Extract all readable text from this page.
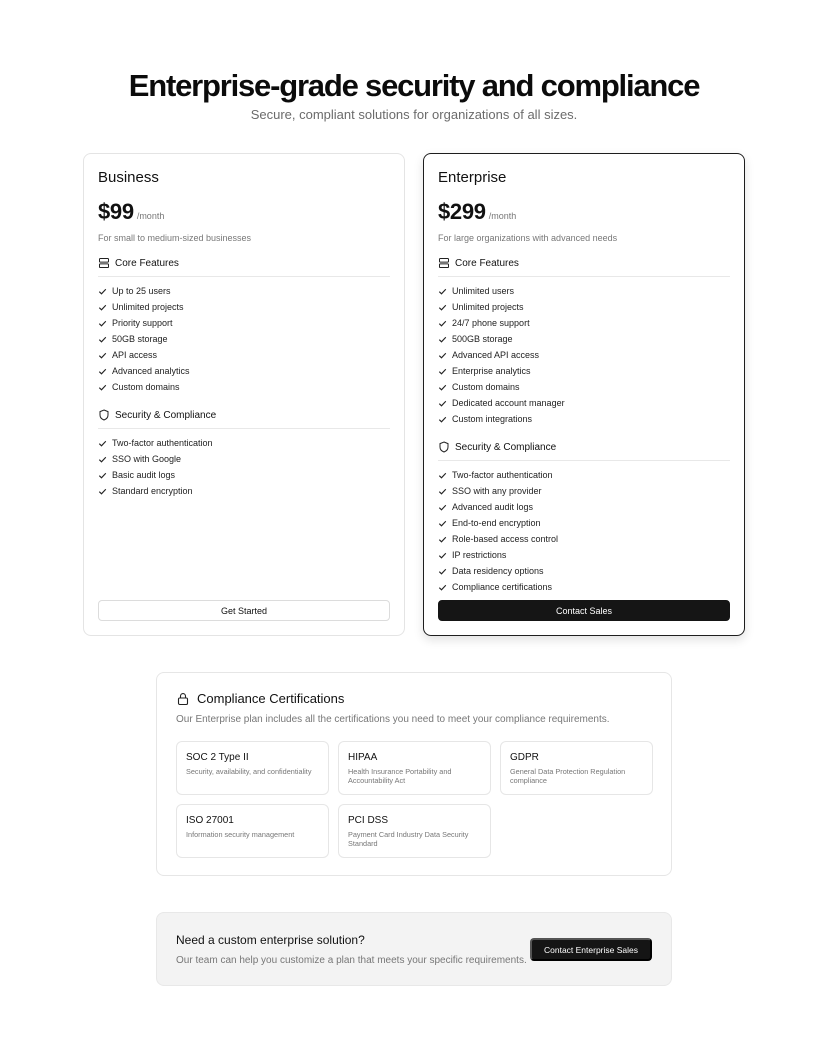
Enterprise-grade security and compliance

Secure, compliant solutions for organizations of all sizes.

Business
$99 /month
For small to medium-sized businesses
Core Features
Up to 25 users
Unlimited projects
Priority support
50GB storage
API access
Advanced analytics
Custom domains
Security & Compliance
Two-factor authentication
SSO with Google
Basic audit logs
Standard encryption
Get Started
Enterprise
$299 /month
For large organizations with advanced needs
Core Features
Unlimited users
Unlimited projects
24/7 phone support
500GB storage
Advanced API access
Enterprise analytics
Custom domains
Dedicated account manager
Custom integrations
Security & Compliance
Two-factor authentication
SSO with any provider
Advanced audit logs
End-to-end encryption
Role-based access control
IP restrictions
Data residency options
Compliance certifications
Contact Sales
Compliance Certifications
Our Enterprise plan includes all the certifications you need to meet your compliance requirements.
SOC 2 Type II
Security, availability, and confidentiality
HIPAA
Health Insurance Portability and Accountability Act
GDPR
General Data Protection Regulation compliance
ISO 27001
Information security management
PCI DSS
Payment Card Industry Data Security Standard
Need a custom enterprise solution?
Our team can help you customize a plan that meets your specific requirements.
Contact Enterprise Sales
